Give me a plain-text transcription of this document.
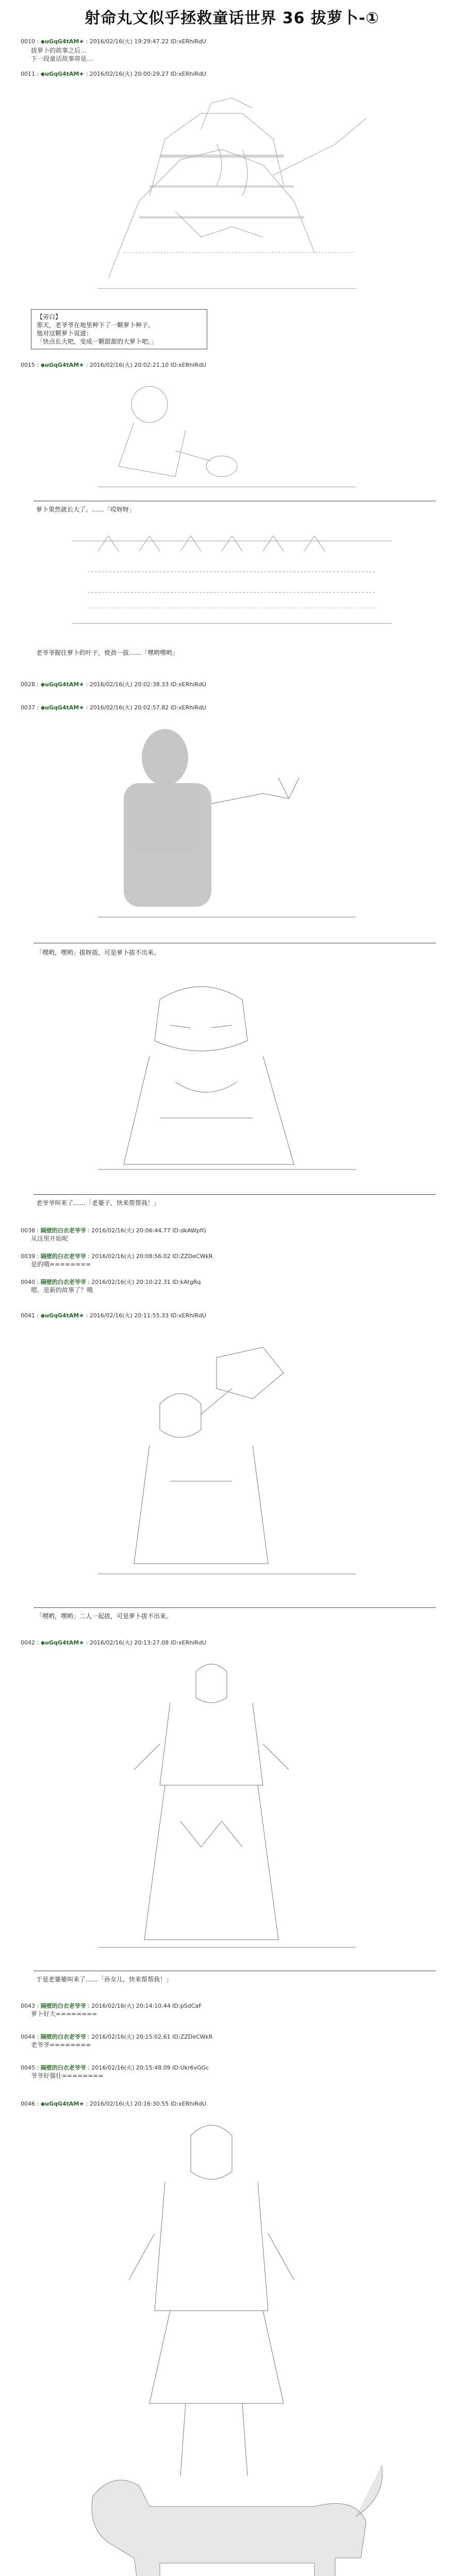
射命丸文似乎拯救童话世界 36 拔萝卜-①
0010 : ◆uGqG4tAM★ : 2016/02/16(火) 19:29:47.22 ID:xERhiRdU
拔萝卜的故事之后…
下一段童话故事将是…
0011 : ◆uGqG4tAM★ : 2016/02/16(火) 20:00:29.27 ID:xERhiRdU
【旁白】
那天，老爷爷在地里种下了一颗萝卜种子。
他对这颗萝卜说道：
「快点长大吧，变成一颗甜甜的大萝卜吧。」
0015 : ◆uGqG4tAM★ : 2016/02/16(火) 20:02:21.10 ID:xERhiRdU
萝卜果然就长大了。……「哎呀呀」
老爷爷握住萝卜的叶子，使劲一拔……「嘿哟嘿哟」
0028 : ◆uGqG4tAM★ : 2016/02/16(火) 20:02:38.33 ID:xERhiRdU
0037 : ◆uGqG4tAM★ : 2016/02/16(火) 20:02:57.82 ID:xERhiRdU
「嘿哟，嘿哟」拔呀拔，可是萝卜拔不出来。
老爷爷叫来了……「老婆子，快来帮帮我！」
0038 : 隔壁的白衣老爷爷 : 2016/02/16(火) 20:06:44.77 ID:dkAWpfG
从这里开始呢
0039 : 隔壁的白衣老爷爷 : 2016/02/16(火) 20:08:56.02 ID:ZZDeCWkR
是的哦========
0040 : 隔壁的白衣老爷爷 : 2016/02/16(火) 20:10:22.31 ID:kAtgRq
嗯，是新的故事了？哦
0041 : ◆uGqG4tAM★ : 2016/02/16(火) 20:11:55.33 ID:xERhiRdU
「嘿哟，嘿哟」二人一起拔，可是萝卜拔不出来。
0042 : ◆uGqG4tAM★ : 2016/02/16(火) 20:13:27.08 ID:xERhiRdU
于是老婆婆叫来了……「孙女儿，快来帮帮我！」
0043 : 隔壁的白衣老爷爷 : 2016/02/16(火) 20:14:10.44 ID:pSdCaF
萝卜好大========
0044 : 隔壁的白衣老爷爷 : 2016/02/16(火) 20:15:02.61 ID:ZZDeCWkR
老爷爷========
0045 : 隔壁的白衣老爷爷 : 2016/02/16(火) 20:15:48.09 ID:Ukr6vGGc
爷爷好强壮========
0046 : ◆uGqG4tAM★ : 2016/02/16(火) 20:16:30.55 ID:xERhiRdU
